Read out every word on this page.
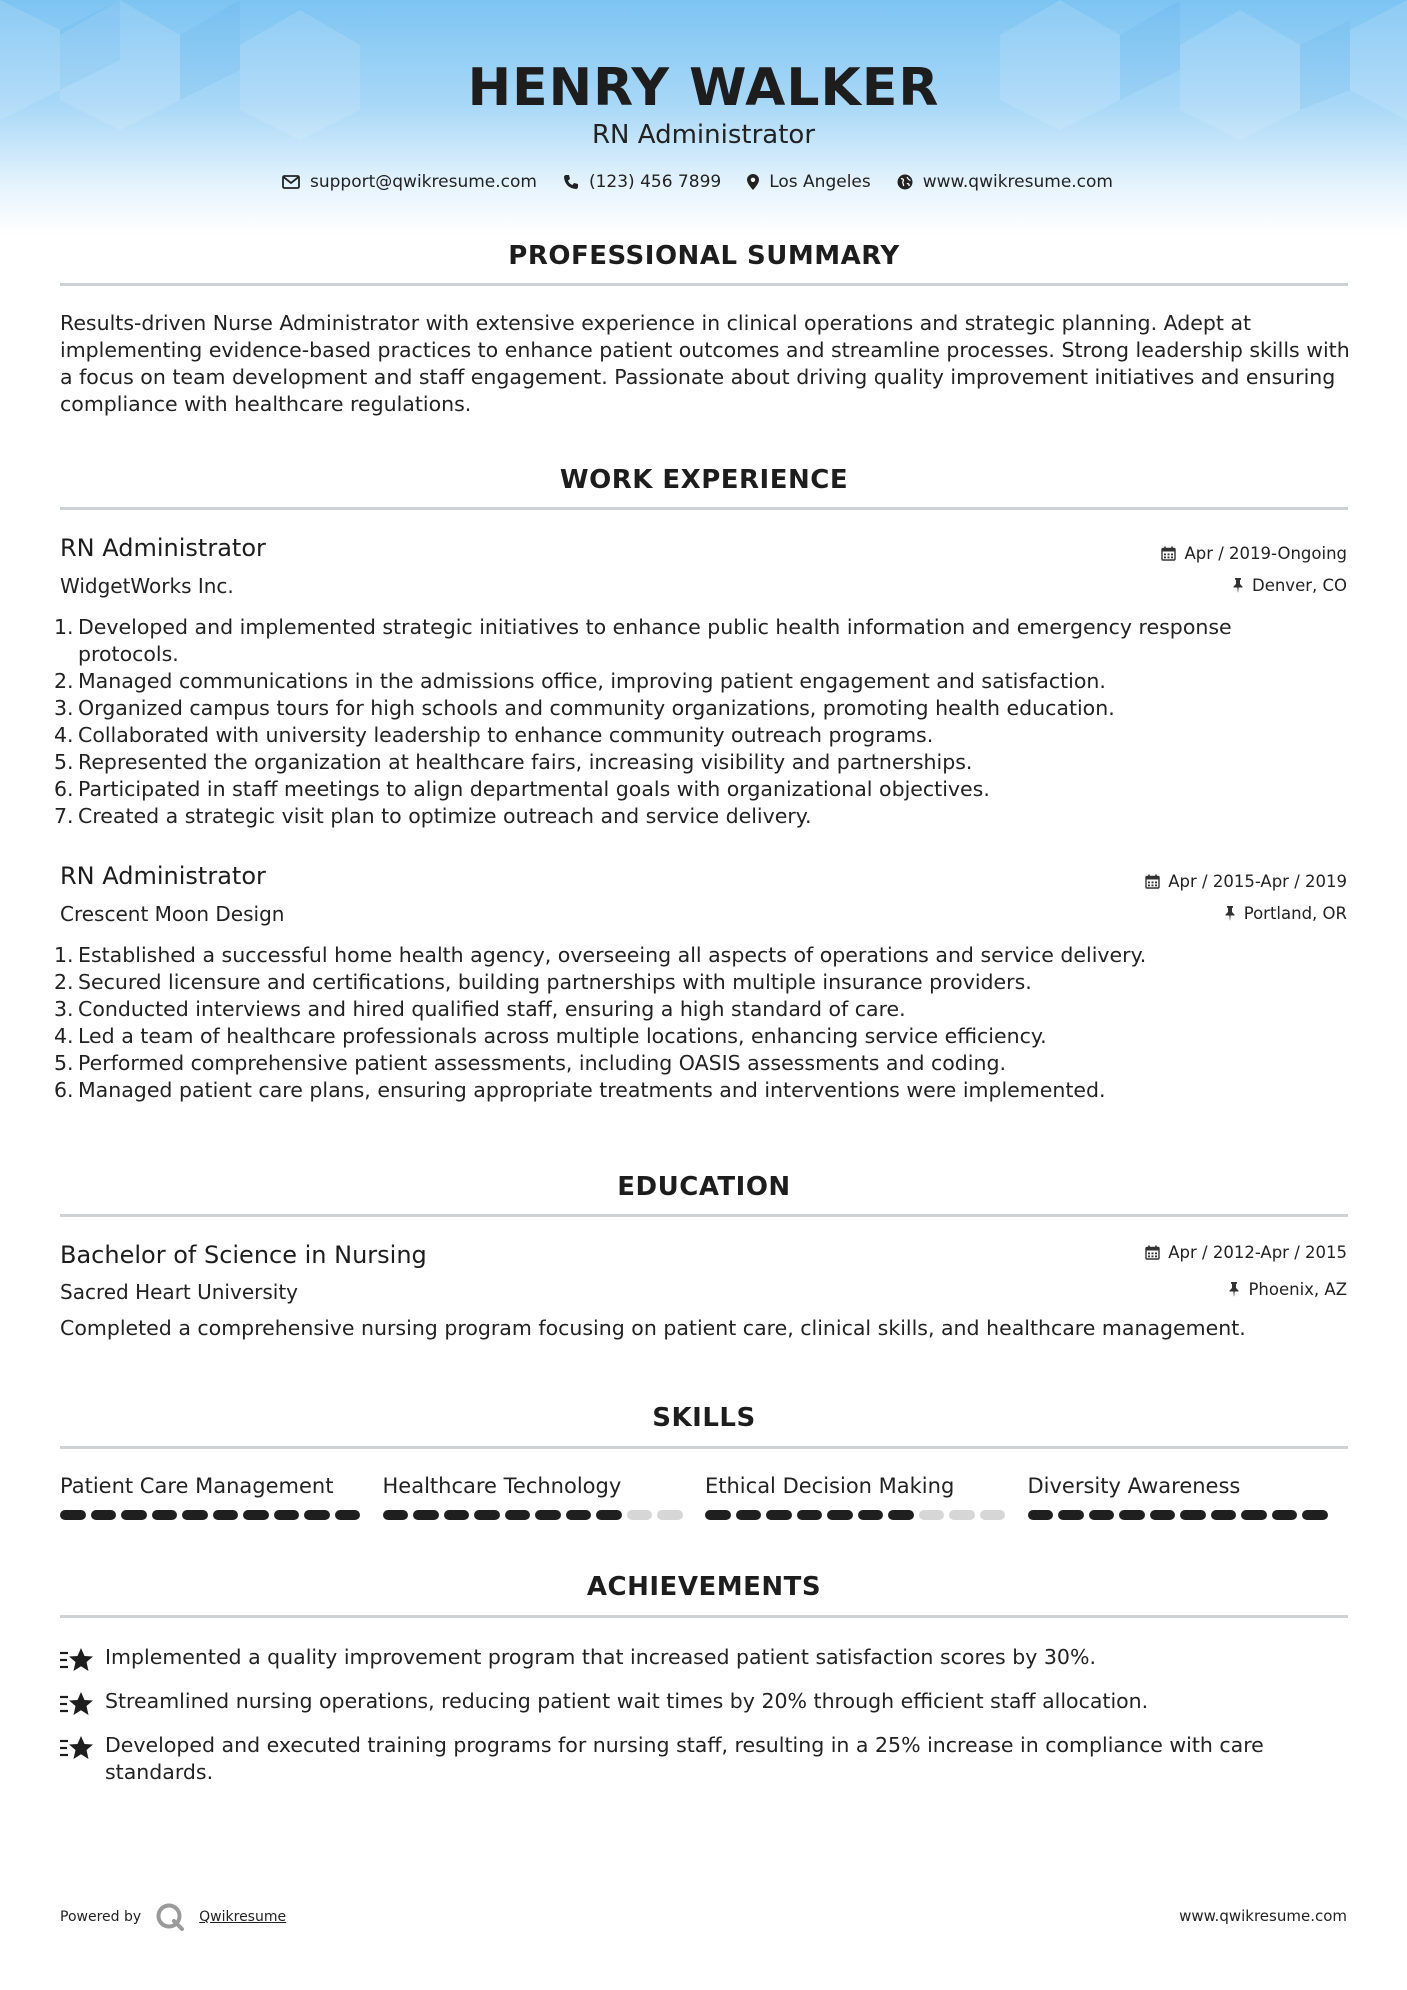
HENRY WALKER
RN Administrator
support@qwikresume.com	(123) 456 7899	Los Angeles	www.qwikresume.com
PROFESSIONAL SUMMARY

Results-driven Nurse Administrator with extensive experience in clinical operations and strategic planning. Adept at implementing evidence-based practices to enhance patient outcomes and streamline processes. Strong leadership skills with a focus on team development and staff engagement. Passionate about driving quality improvement initiatives and ensuring compliance with healthcare regulations.

WORK EXPERIENCE
RN Administrator	Apr / 2019-Ongoing
WidgetWorks Inc.	Denver, CO
1. Developed and implemented strategic initiatives to enhance public health information and emergency response protocols.
2. Managed communications in the admissions office, improving patient engagement and satisfaction.
3. Organized campus tours for high schools and community organizations, promoting health education.
4. Collaborated with university leadership to enhance community outreach programs.
5. Represented the organization at healthcare fairs, increasing visibility and partnerships.
6. Participated in staff meetings to align departmental goals with organizational objectives.
7. Created a strategic visit plan to optimize outreach and service delivery.
RN Administrator	Apr / 2015-Apr / 2019
Crescent Moon Design	Portland, OR
1. Established a successful home health agency, overseeing all aspects of operations and service delivery.
2. Secured licensure and certifications, building partnerships with multiple insurance providers.
3. Conducted interviews and hired qualified staff, ensuring a high standard of care.
4. Led a team of healthcare professionals across multiple locations, enhancing service efficiency.
5. Performed comprehensive patient assessments, including OASIS assessments and coding.
6. Managed patient care plans, ensuring appropriate treatments and interventions were implemented.
EDUCATION
Bachelor of Science in Nursing	Apr / 2012-Apr / 2015
Sacred Heart University	Phoenix, AZ
Completed a comprehensive nursing program focusing on patient care, clinical skills, and healthcare management.
SKILLS
Patient Care Management	Healthcare Technology	Ethical Decision Making	Diversity Awareness
ACHIEVEMENTS
Implemented a quality improvement program that increased patient satisfaction scores by 30%.
Streamlined nursing operations, reducing patient wait times by 20% through efficient staff allocation.
Developed and executed training programs for nursing staff, resulting in a 25% increase in compliance with care standards.
Powered by	Qwikresume	www.qwikresume.com
